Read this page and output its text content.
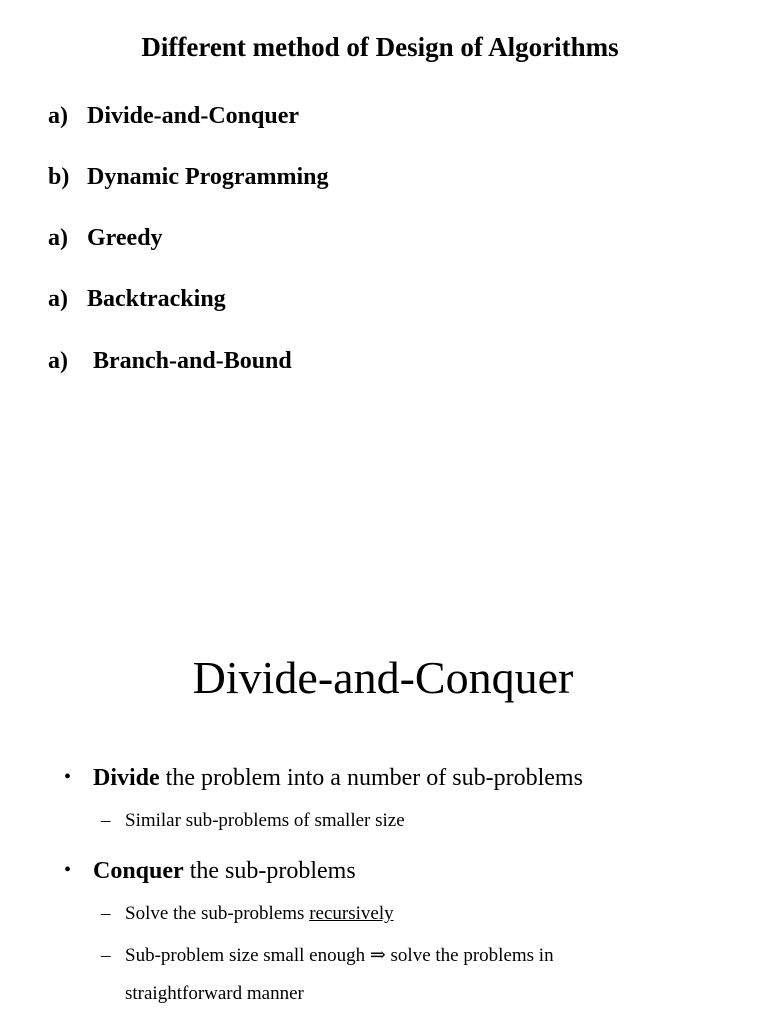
Different method of Design of Algorithms
a) Divide-and-Conquer
b) Dynamic Programming
a) Greedy
a) Backtracking
a) Branch-and-Bound
Divide-and-Conquer
• Divide the problem into a number of sub-problems
– Similar sub-problems of smaller size
• Conquer the sub-problems
– Solve the sub-problems recursively
– Sub-problem size small enough ⇒ solve the problems in straightforward manner
